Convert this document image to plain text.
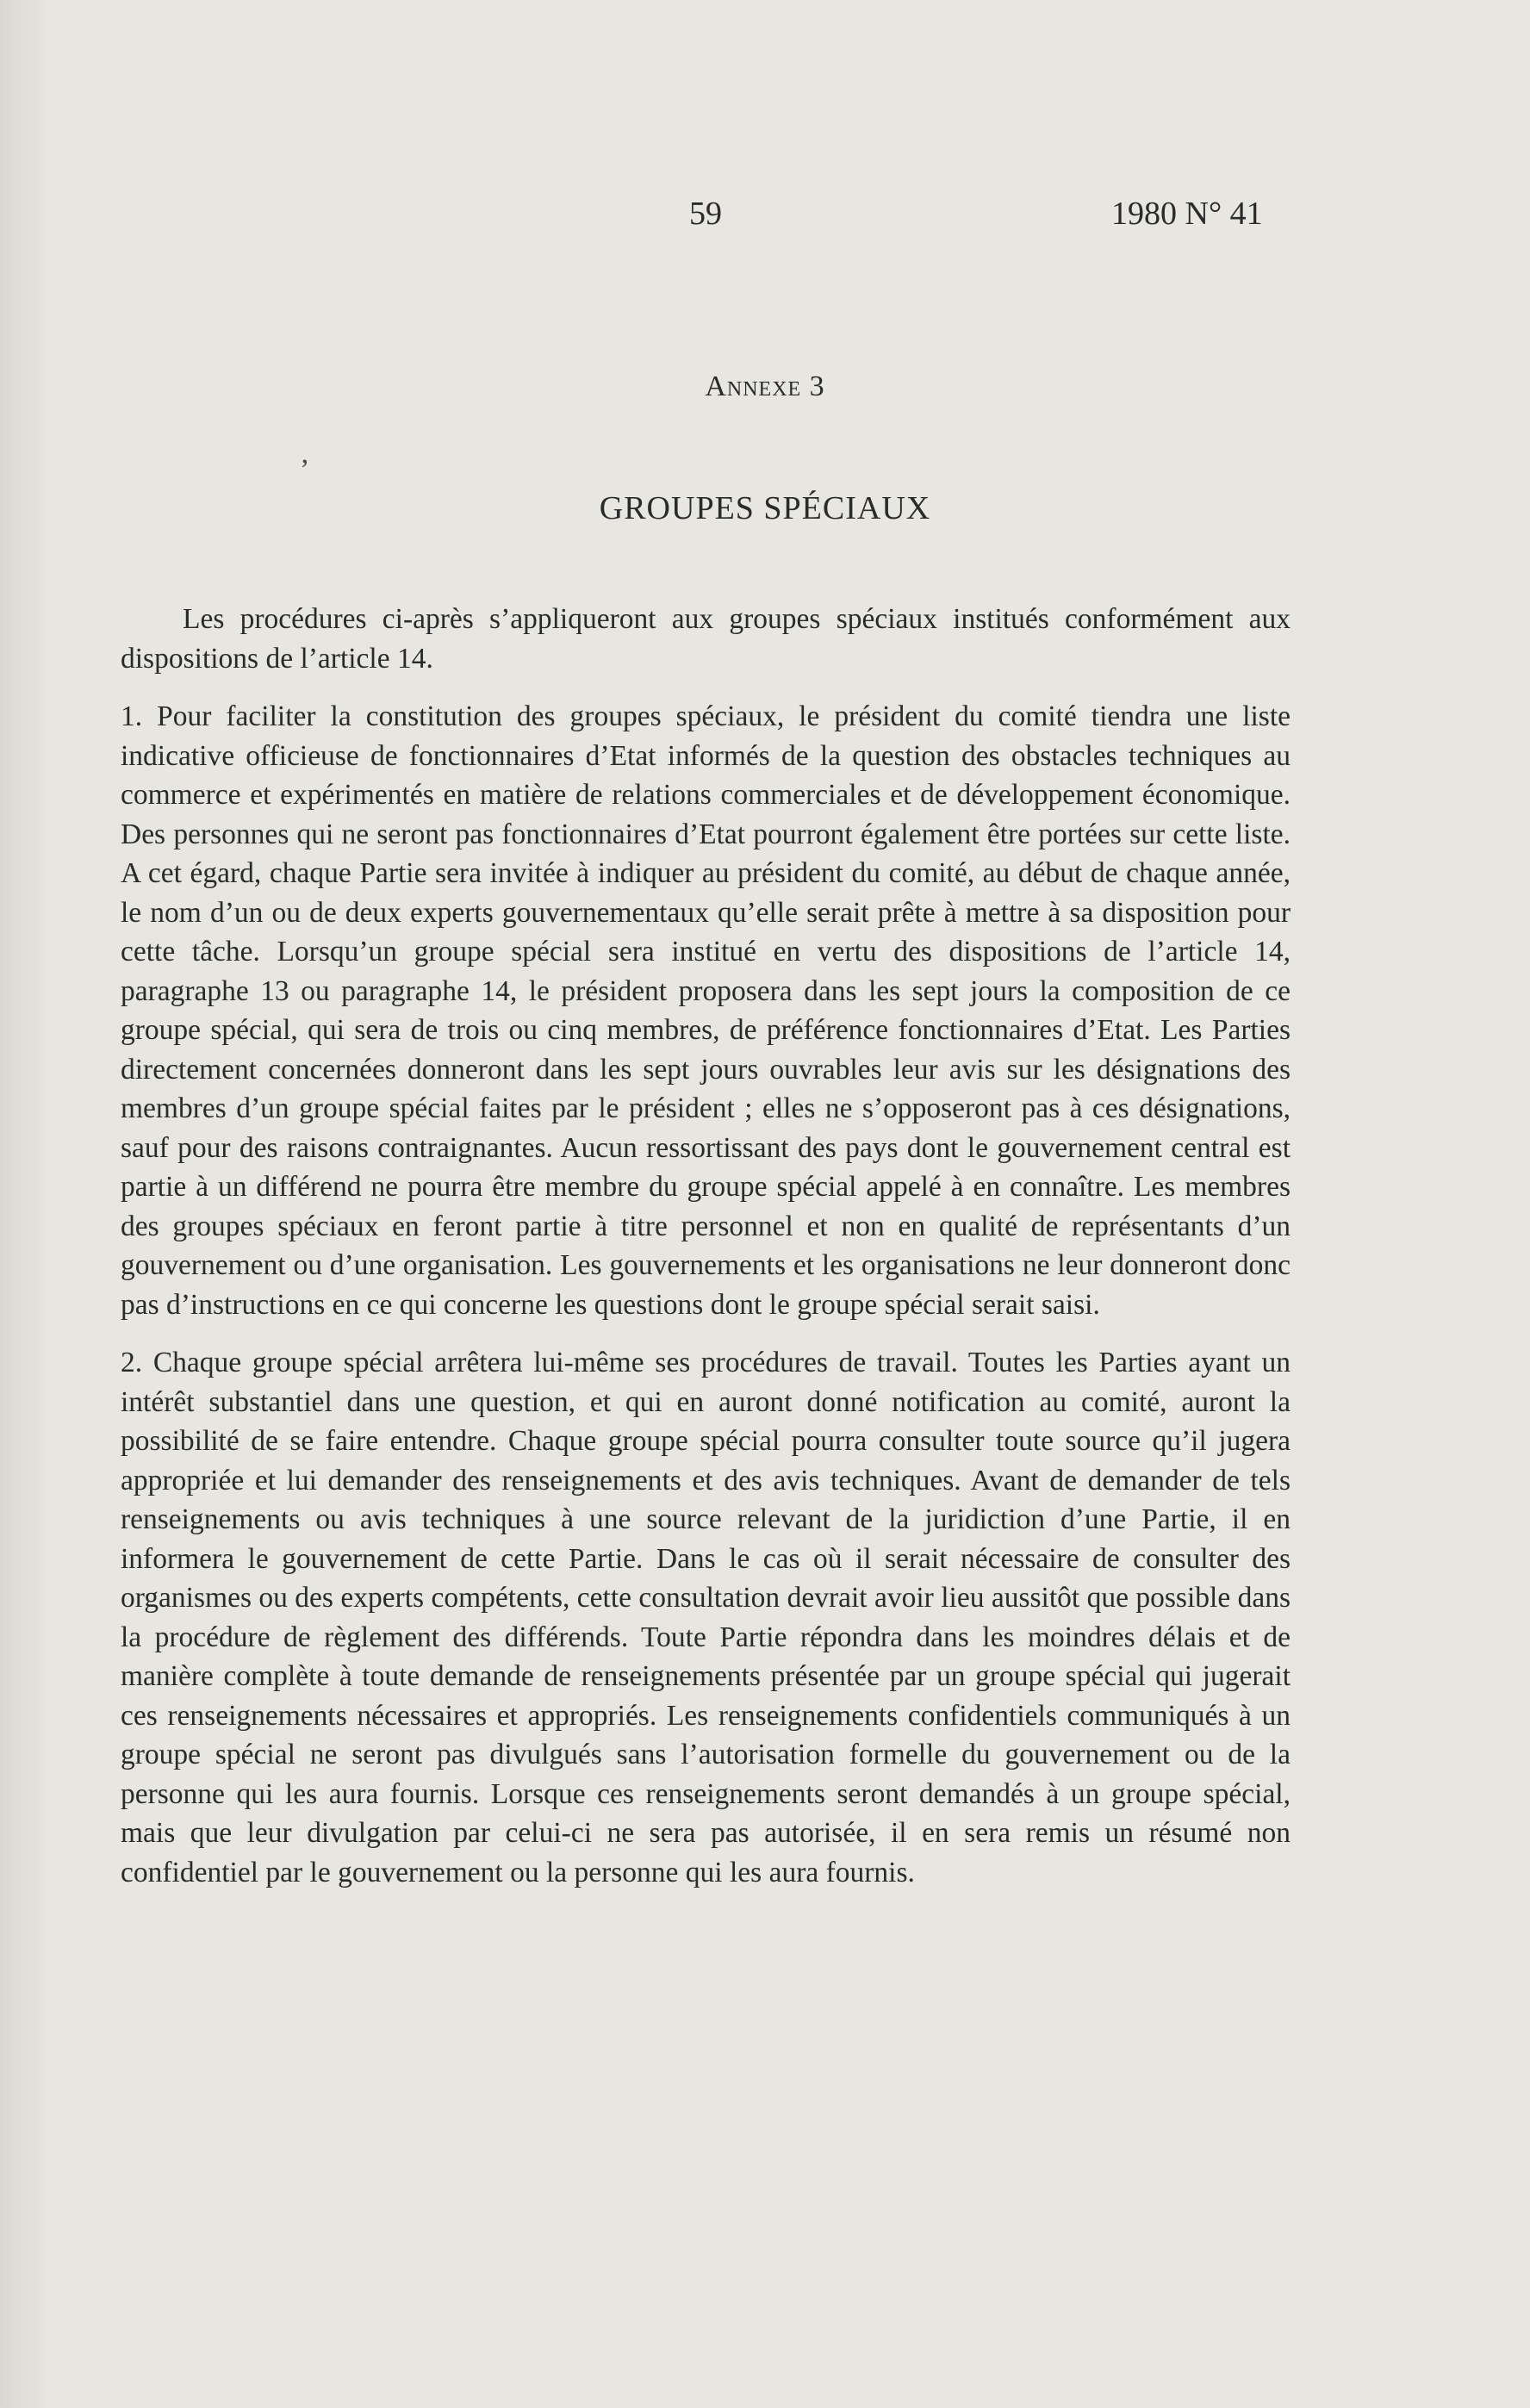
59	1980 N° 41
Annexe 3
‚
GROUPES SPÉCIAUX

Les procédures ci-après s’appliqueront aux groupes spéciaux institués conformément aux dispositions de l’article 14.

1. Pour faciliter la constitution des groupes spéciaux, le président du comité tiendra une liste indicative officieuse de fonctionnaires d’Etat informés de la question des obstacles techniques au commerce et expérimentés en matière de relations commerciales et de développement économique. Des personnes qui ne seront pas fonctionnaires d’Etat pourront également être portées sur cette liste. A cet égard, chaque Partie sera invitée à indiquer au président du comité, au début de chaque année, le nom d’un ou de deux experts gouvernementaux qu’elle serait prête à mettre à sa disposition pour cette tâche. Lorsqu’un groupe spécial sera institué en vertu des dispositions de l’article 14, paragraphe 13 ou paragraphe 14, le président proposera dans les sept jours la composition de ce groupe spécial, qui sera de trois ou cinq membres, de préférence fonctionnaires d’Etat. Les Parties directement concernées donneront dans les sept jours ouvrables leur avis sur les désignations des membres d’un groupe spécial faites par le président ; elles ne s’opposeront pas à ces désignations, sauf pour des raisons contraignantes. Aucun ressortissant des pays dont le gouvernement central est partie à un différend ne pourra être membre du groupe spécial appelé à en connaître. Les membres des groupes spéciaux en feront partie à titre personnel et non en qualité de représentants d’un gouvernement ou d’une organisation. Les gouvernements et les organisations ne leur donneront donc pas d’instructions en ce qui concerne les questions dont le groupe spécial serait saisi.

2. Chaque groupe spécial arrêtera lui-même ses procédures de travail. Toutes les Parties ayant un intérêt substantiel dans une question, et qui en auront donné notification au comité, auront la possibilité de se faire entendre. Chaque groupe spécial pourra consulter toute source qu’il jugera appropriée et lui demander des renseignements et des avis techniques. Avant de demander de tels renseignements ou avis techniques à une source relevant de la juridiction d’une Partie, il en informera le gouvernement de cette Partie. Dans le cas où il serait nécessaire de consulter des organismes ou des experts compétents, cette consultation devrait avoir lieu aussitôt que possible dans la procédure de règlement des différends. Toute Partie répondra dans les moindres délais et de manière complète à toute demande de renseignements présentée par un groupe spécial qui jugerait ces renseignements nécessaires et appropriés. Les renseignements confidentiels communiqués à un groupe spécial ne seront pas divulgués sans l’autorisation formelle du gouvernement ou de la personne qui les aura fournis. Lorsque ces renseignements seront demandés à un groupe spécial, mais que leur divulgation par celui-ci ne sera pas autorisée, il en sera remis un résumé non confidentiel par le gouvernement ou la personne qui les aura fournis.
